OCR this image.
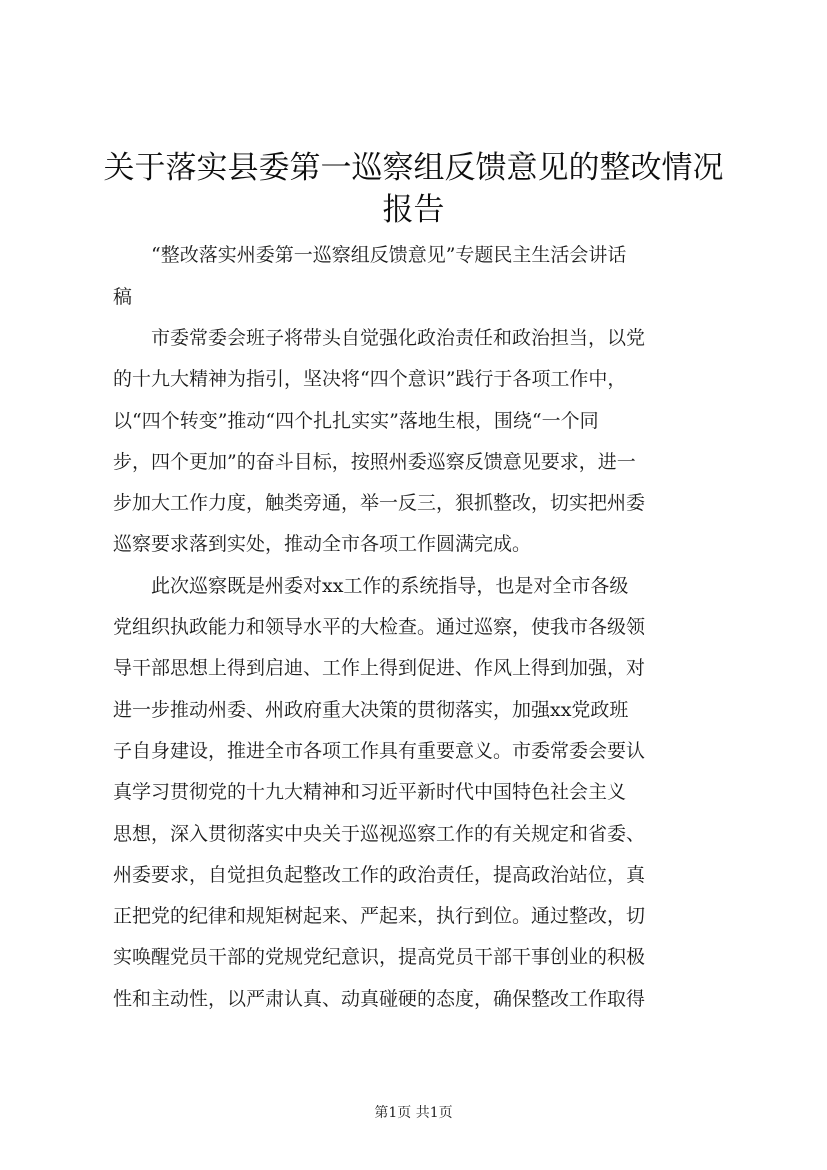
关于落实县委第一巡察组反馈意见的整改情况
报告
　　“整改落实州委第一巡察组反馈意见”专题民主生活会讲话
稿
　　市委常委会班子将带头自觉强化政治责任和政治担当，以党
的十九大精神为指引，坚决将“四个意识”践行于各项工作中，
以“四个转变”推动“四个扎扎实实”落地生根，围绕“一个同
步，四个更加”的奋斗目标，按照州委巡察反馈意见要求，进一
步加大工作力度，触类旁通，举一反三，狠抓整改，切实把州委
巡察要求落到实处，推动全市各项工作圆满完成。
　　此次巡察既是州委对xx工作的系统指导，也是对全市各级
党组织执政能力和领导水平的大检查。通过巡察，使我市各级领
导干部思想上得到启迪、工作上得到促进、作风上得到加强，对
进一步推动州委、州政府重大决策的贯彻落实，加强xx党政班
子自身建设，推进全市各项工作具有重要意义。市委常委会要认
真学习贯彻党的十九大精神和习近平新时代中国特色社会主义
思想，深入贯彻落实中央关于巡视巡察工作的有关规定和省委、
州委要求，自觉担负起整改工作的政治责任，提高政治站位，真
正把党的纪律和规矩树起来、严起来，执行到位。通过整改，切
实唤醒党员干部的党规党纪意识，提高党员干部干事创业的积极
性和主动性，以严肃认真、动真碰硬的态度，确保整改工作取得
第1页 共1页
